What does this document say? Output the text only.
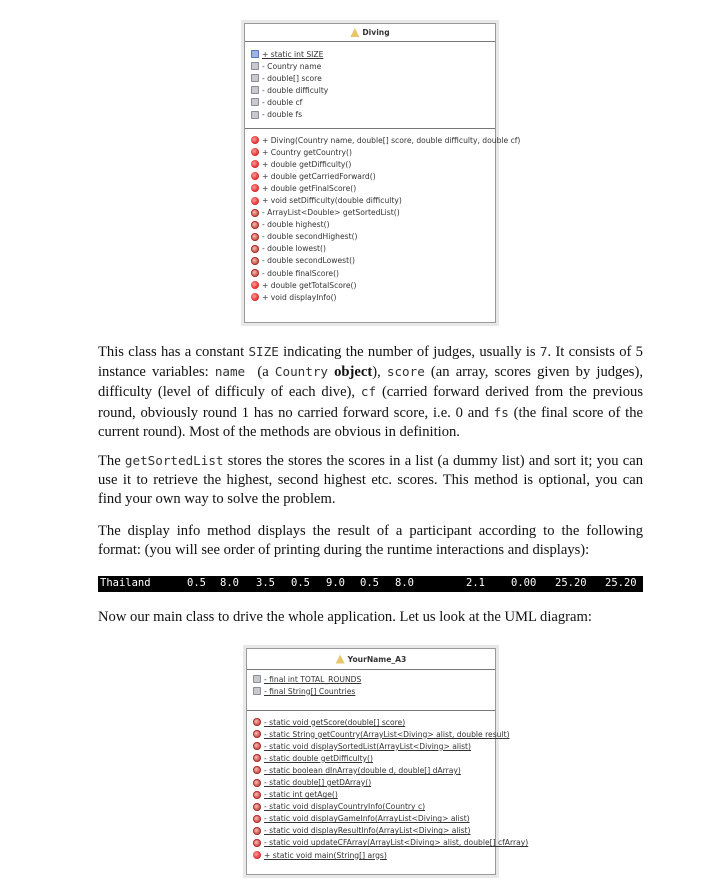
Diving
+ static int SIZE
- Country name
- double[] score
- double difficulty
- double cf
- double fs
+ Diving(Country name, double[] score, double difficulty, double cf)
+ Country getCountry()
+ double getDifficulty()
+ double getCarriedForward()
+ double getFinalScore()
+ void setDifficulty(double difficulty)
- ArrayList<Double> getSortedList()
- double highest()
- double secondHighest()
- double lowest()
- double secondLowest()
- double finalScore()
+ double getTotalScore()
+ void displayInfo()

This class has a constant SIZE indicating the number of judges, usually is 7. It consists of 5 instance variables: name  (a Country object), score (an array, scores given by judges), difficulty (level of difficuly of each dive), cf (carried forward derived from the previous round, obviously round 1 has no carried forward score, i.e. 0 and fs (the final score of the current round). Most of the methods are obvious in definition.

The getSortedList stores the stores the scores in a list (a dummy list) and sort it; you can use it to retrieve the highest, second highest etc. scores. This method is optional, you can find your own way to solve the problem.

The display info method displays the result of a participant according to the following format: (you will see order of printing during the runtime interactions and displays):

Thailand	0.5 8.0 3.5 0.5 9.0 0.5 8.0	2.1 0.00 25.20 25.20

Now our main class to drive the whole application. Let us look at the UML diagram:

YourName_A3
- final int TOTAL_ROUNDS
- final String[] Countries
- static void getScore(double[] score)
- static String getCountry(ArrayList<Diving> alist, double result)
- static void displaySortedList(ArrayList<Diving> alist)
- static double getDifficulty()
- static boolean dInArray(double d, double[] dArray)
- static double[] getDArray()
- static int getAge()
- static void displayCountryInfo(Country c)
- static void displayGameInfo(ArrayList<Diving> alist)
- static void displayResultInfo(ArrayList<Diving> alist)
- static void updateCFArray(ArrayList<Diving> alist, double[] cfArray)
+ static void main(String[] args)
